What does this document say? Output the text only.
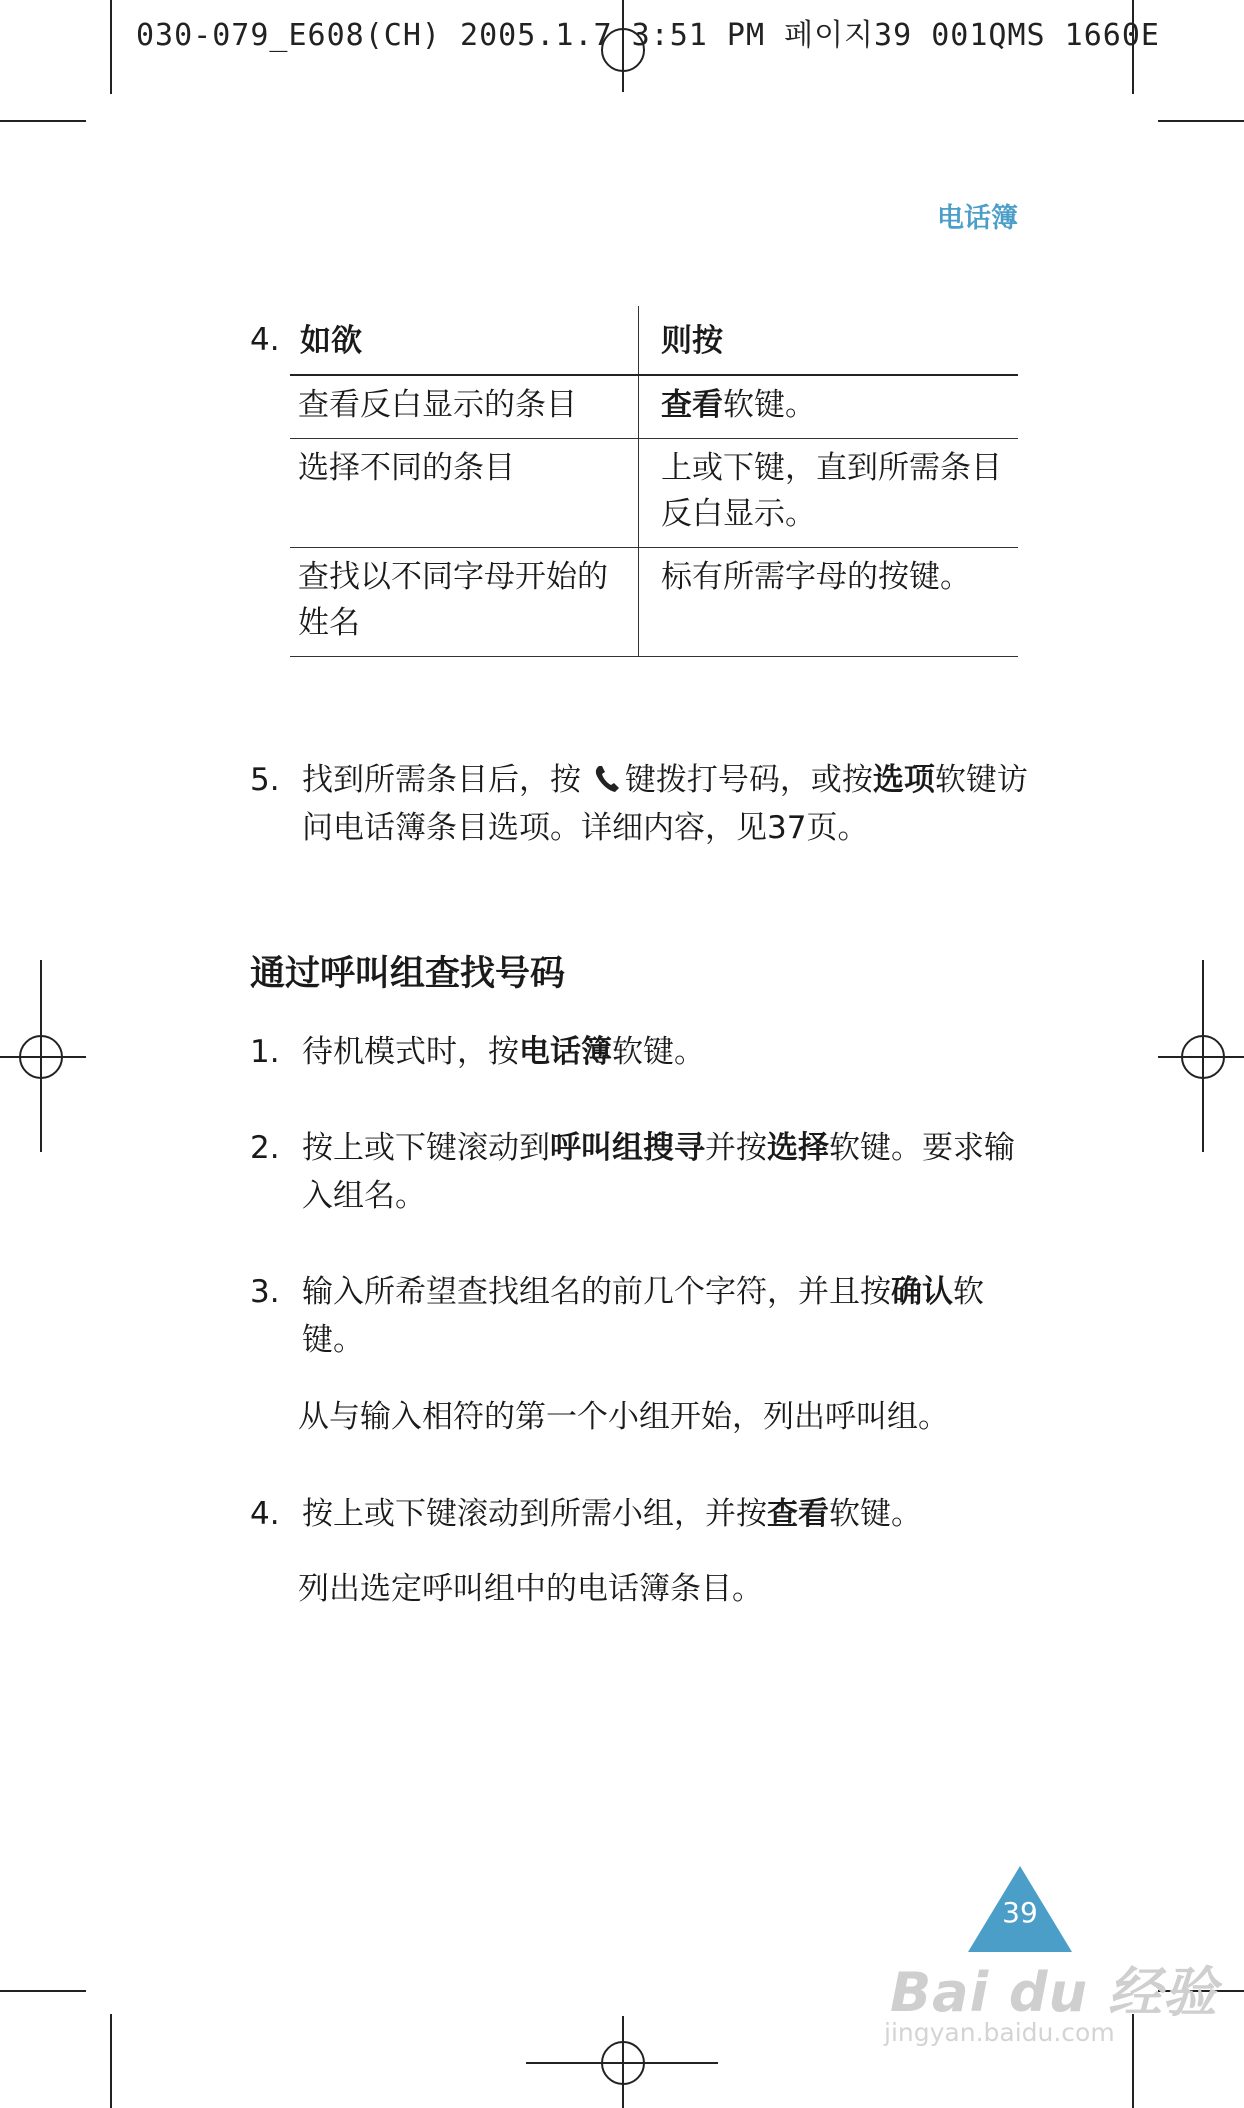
030-079_E608(CH) 2005.1.7 3:51 PM 페이지39 001QMS 1660E
电话簿
4. 如欲	则按
查看反白显示的条目	查看软键。
选择不同的条目	上或下键，直到所需条目反白显示。
查找以不同字母开始的姓名	标有所需字母的按键。
5. 找到所需条目后，按 键拨打号码，或按选项软键访问电话簿条目选项。详细内容，见37页。
通过呼叫组查找号码
1. 待机模式时，按电话簿软键。
2. 按上或下键滚动到呼叫组搜寻并按选择软键。要求输入组名。
3. 输入所希望查找组名的前几个字符，并且按确认软键。
从与输入相符的第一个小组开始，列出呼叫组。
4. 按上或下键滚动到所需小组，并按查看软键。
列出选定呼叫组中的电话簿条目。
39
Bai du 经验
jingyan.baidu.com
